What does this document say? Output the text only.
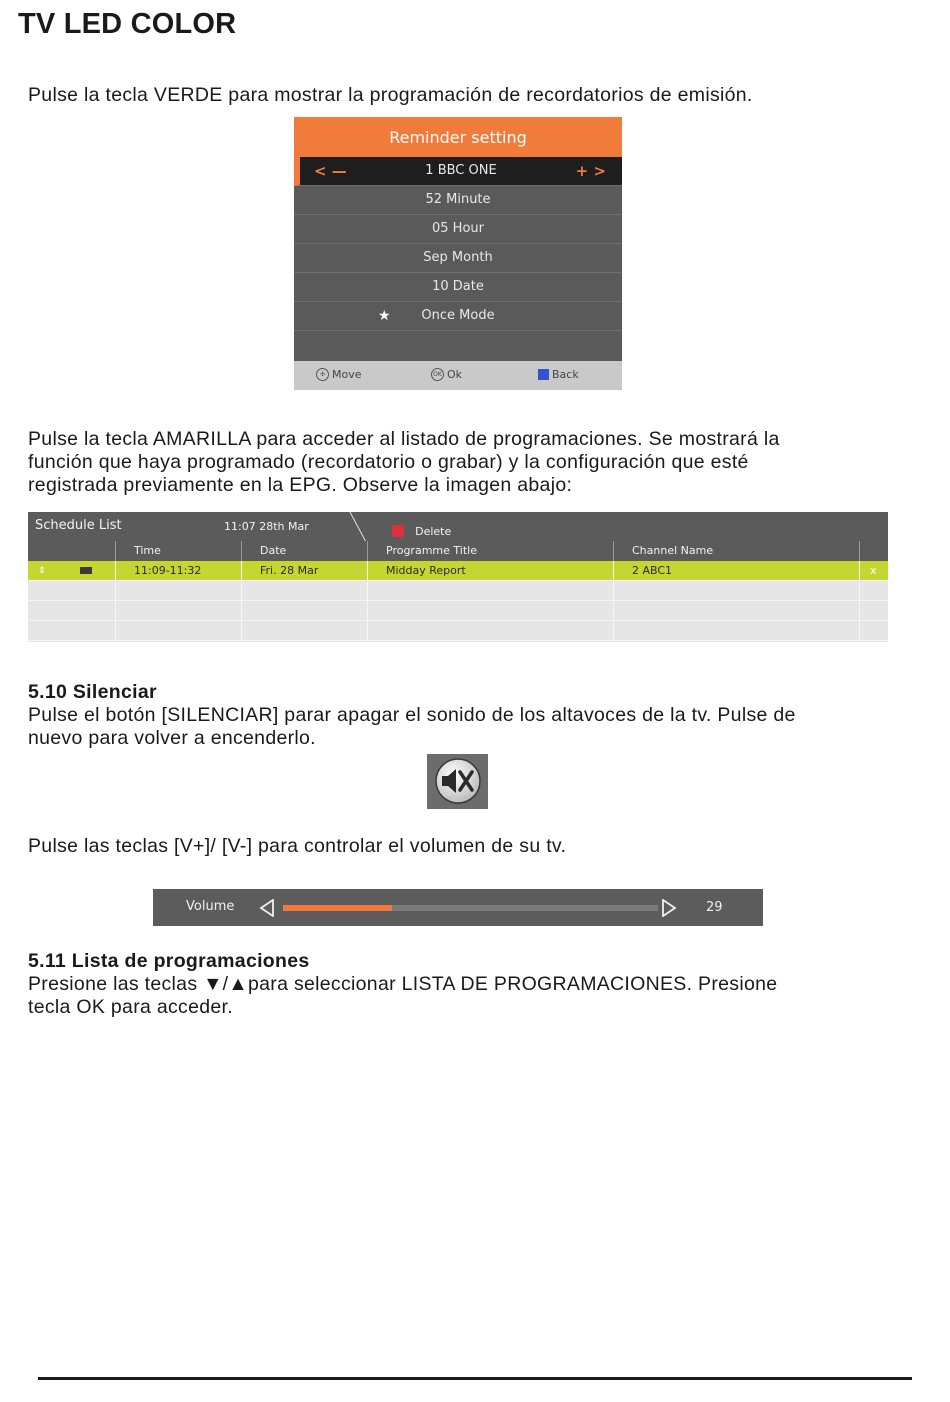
TV LED COLOR
Pulse la tecla VERDE para mostrar la programación de recordatorios de emisión.
Reminder setting
< —	1 BBC ONE	+ >
52 Minute
05 Hour
Sep Month
10 Date
★ Once Mode
✣ Move	OK Ok	Back
Pulse la tecla AMARILLA para acceder al listado de programaciones. Se mostrará la
función que haya programado (recordatorio o grabar) y la configuración que esté
registrada previamente en la EPG. Observe la imagen abajo:
Schedule List	11:07 28th Mar	Delete
Time	Date	Programme Title	Channel Name
⇕	11:09-11:32	Fri. 28 Mar	Midday Report	2 ABC1	x
5.10 Silenciar
Pulse el botón [SILENCIAR] parar apagar el sonido de los altavoces de la tv. Pulse de
nuevo para volver a encenderlo.
Pulse las teclas [V+]/ [V-] para controlar el volumen de su tv.
Volume	29
5.11 Lista de programaciones
Presione las teclas ▼/▲para seleccionar LISTA DE PROGRAMACIONES. Presione
tecla OK para acceder.
